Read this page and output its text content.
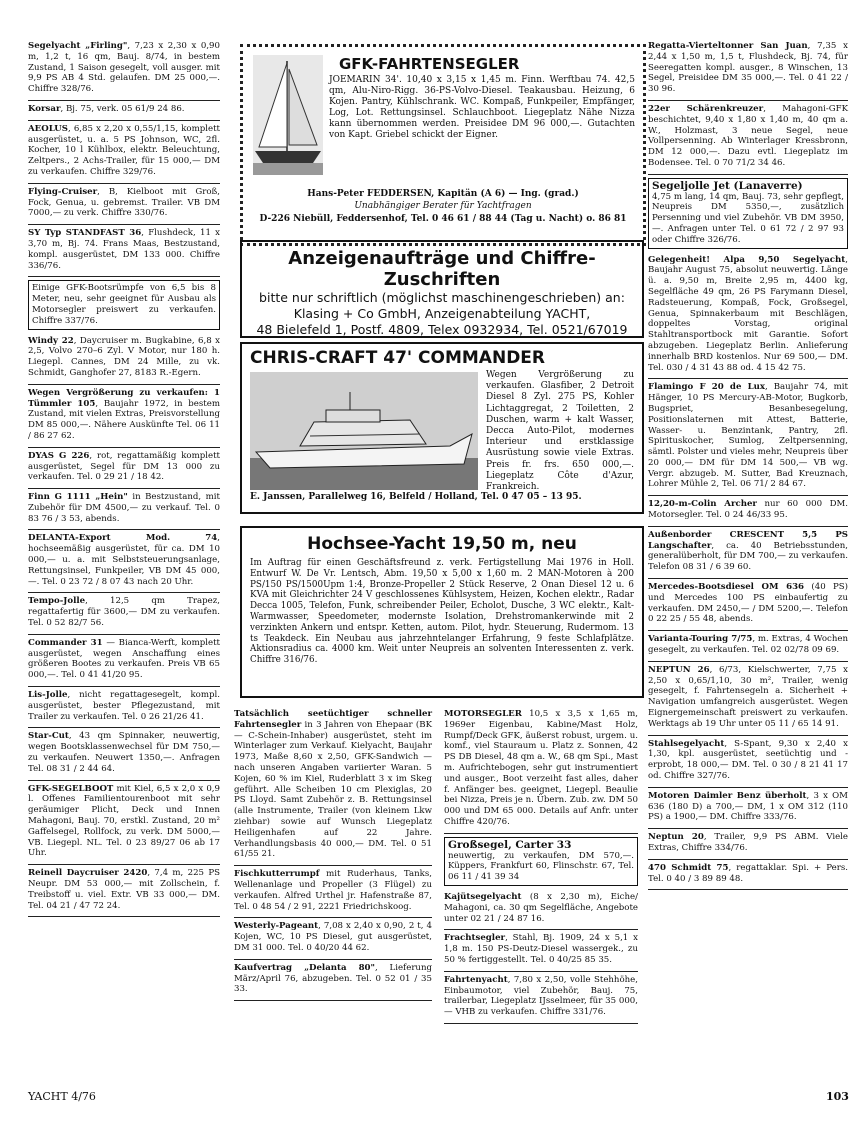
Segelyacht „Firling", 7,23 x 2,30 x 0,90 m, 1,2 t, 16 qm, Bauj. 8/74, in bestem Zustand, 1 Saison gesegelt, voll ausger. mit 9,9 PS AB 4 Std. gelaufen. DM 25 000,—. Chiffre 328/76.
Korsar, Bj. 75, verk. 05 61/9 24 86.
AEOLUS, 6,85 x 2,20 x 0,55/1,15, komplett ausgerüstet, u. a. 5 PS Johnson, WC, 2fl. Kocher, 10 l Kühlbox, elektr. Beleuchtung, Zeltpers., 2 Achs-Trailer, für 15 000,— DM zu verkaufen. Chiffre 329/76.
Flying-Cruiser, B, Kielboot mit Groß, Fock, Genua, u. gebremst. Trailer. VB DM 7000,— zu verk. Chiffre 330/76.
SY Typ STANDFAST 36, Flushdeck, 11 x 3,70 m, Bj. 74. Frans Maas, Bestzustand, kompl. ausgerüstet, DM 133 000. Chiffre 336/76.
Einige GFK-Bootsrümpfe von 6,5 bis 8 Meter, neu, sehr geeignet für Ausbau als Motorsegler preiswert zu verkaufen. Chiffre 337/76.
Windy 22, Daycruiser m. Bugkabine, 6,8 x 2,5, Volvo 270–6 Zyl. V Motor, nur 180 h. Liegepl. Cannes, DM 24 Mille, zu vk. Schmidt, Ganghofer 27, 8183 R.-Egern.
Wegen Vergrößerung zu verkaufen: 1 Tümmler 105, Baujahr 1972, in bestem Zustand, mit vielen Extras, Preisvorstellung DM 85 000,—. Nähere Auskünfte Tel. 06 11 / 86 27 62.
DYAS G 226, rot, regattamäßig komplett ausgerüstet, Segel für DM 13 000 zu verkaufen. Tel. 0 29 21 / 18 42.
Finn G 1111 „Hein" in Bestzustand, mit Zubehör für DM 4500,— zu verkauf. Tel. 0 83 76 / 3 53, abends.
DELANTA-Export Mod. 74, hochseemäßig ausgerüstet, für ca. DM 10 000,— u. a. mit Selbststeuerungsanlage, Rettungsinsel, Funkpeiler, VB DM 45 000,—. Tel. 0 23 72 / 8 07 43 nach 20 Uhr.
Tempo-Jolle, 12,5 qm Trapez, regattafertig für 3600,— DM zu verkaufen. Tel. 0 52 82/7 56.
Commander 31 — Bianca-Werft, komplett ausgerüstet, wegen Anschaffung eines größeren Bootes zu verkaufen. Preis VB 65 000,—. Tel. 0 41 41/20 95.
Lis-Jolle, nicht regattagesegelt, kompl. ausgerüstet, bester Pflegezustand, mit Trailer zu verkaufen. Tel. 0 26 21/26 41.
Star-Cut, 43 qm Spinnaker, neuwertig, wegen Bootsklassenwechsel für DM 750,— zu verkaufen. Neuwert 1350,—. Anfragen Tel. 08 31 / 2 44 64.
GFK-SEGELBOOT mit Kiel, 6,5 x 2,0 x 0,9 l. Offenes Familientourenboot mit sehr geräumiger Plicht, Deck und Innen Mahagoni, Bauj. 70, erstkl. Zustand, 20 m² Gaffelsegel, Rollfock, zu verk. DM 5000,— VB. Liegepl. NL. Tel. 0 23 89/27 06 ab 17 Uhr.
Reinell Daycruiser 2420, 7,4 m, 225 PS Neupr. DM 53 000,— mit Zollschein, f. Treibstoff u. viel. Extr. VB 33 000,— DM. Tel. 04 21 / 47 72 24.
GFK-FAHRTENSEGLER
JOEMARIN 34'. 10,40 x 3,15 x 1,45 m. Finn. Werftbau 74. 42,5 qm, Alu-Niro-Rigg. 36-PS-Volvo-Diesel. Teakausbau. Heizung, 6 Kojen. Pantry, Kühlschrank. WC. Kompaß, Funkpeiler, Empfänger, Log, Lot. Rettungsinsel. Schlauchboot. Liegeplatz Nähe Nizza kann übernommen werden. Preisidee DM 96 000,—. Gutachten von Kapt. Griebel schickt der Eigner.
Hans-Peter FEDDERSEN, Kapitän (A 6) — Ing. (grad.)
Unabhängiger Berater für Yachtfragen
D-226 Niebüll, Feddersenhof, Tel. 0 46 61 / 88 44 (Tag u. Nacht) o. 86 81
Anzeigenaufträge und Chiffre-Zuschriften
bitte nur schriftlich (möglichst maschinengeschrieben) an:
Klasing + Co GmbH, Anzeigenabteilung YACHT,
48 Bielefeld 1, Postf. 4809, Telex 0932934, Tel. 0521/67019
CHRIS-CRAFT 47' COMMANDER
Wegen Vergrößerung zu verkaufen. Glasfiber, 2 Detroit Diesel 8 Zyl. 275 PS, Kohler Lichtaggregat, 2 Toiletten, 2 Duschen, warm + kalt Wasser, Decca Auto-Pilot, modernes Interieur und erstklassige Ausrüstung sowie viele Extras. Preis fr. frs. 650 000,—. Liegeplatz Côte d'Azur, Frankreich.
E. Janssen, Parallelweg 16, Belfeld / Holland, Tel. 0 47 05 – 13 95.
Hochsee-Yacht 19,50 m, neu
Im Auftrag für einen Geschäftsfreund z. verk. Fertigstellung Mai 1976 in Holl. Entwurf W. De Vr. Lentsch, Abm. 19,50 x 5,00 x 1,60 m. 2 MAN-Motoren à 200 PS/150 PS/1500Upm 1:4, Bronze-Propeller 2 Stück Reserve, 2 Onan Diesel 12 u. 6 KVA mit Gleichrichter 24 V geschlossenes Kühlsystem, Heizen, Kochen elektr., Radar Decca 1005, Telefon, Funk, schreibender Peiler, Echolot, Dusche, 3 WC elektr., Kalt-Warmwasser, Speedometer, modernste Isolation, Drehstromankerwinde mit 2 verzinkten Ankern und entspr. Ketten, autom. Pilot, hydr. Steuerung, Rudermom. 13 ts Teakdeck. Ein Neubau aus jahrzehntelanger Erfahrung, 9 feste Schlafplätze. Aktionsradius ca. 4000 km. Weit unter Neupreis an solventen Interessenten z. verk. Chiffre 316/76.
Tatsächlich seetüchtiger schneller Fahrtensegler in 3 Jahren von Ehepaar (BK — C-Schein-Inhaber) ausgerüstet, steht im Winterlager zum Verkauf. Kielyacht, Baujahr 1973, Maße 8,60 x 2,50, GFK-Sandwich — nach unseren Angaben variierter Waran. 5 Kojen, 60 % im Kiel, Ruderblatt 3 x im Skeg geführt. Alle Scheiben 10 cm Plexiglas, 20 PS Lloyd. Samt Zubehör z. B. Rettungsinsel (alle Instrumente, Trailer (von kleinem Lkw ziehbar) sowie auf Wunsch Liegeplatz Heiligenhafen auf 22 Jahre. Verhandlungsbasis 40 000,— DM. Tel. 0 51 61/55 21.
Fischkutterrumpf mit Ruderhaus, Tanks, Wellenanlage und Propeller (3 Flügel) zu verkaufen. Alfred Urthel jr. Hafenstraße 87, Tel. 0 48 54 / 2 91, 2221 Friedrichskoog.
Westerly-Pageant, 7,08 x 2,40 x 0,90, 2 t, 4 Kojen, WC, 10 PS Diesel, gut ausgerüstet, DM 31 000. Tel. 0 40/20 44 62.
Kaufvertrag „Delanta 80", Lieferung März/April 76, abzugeben. Tel. 0 52 01 / 35 33.
MOTORSEGLER 10,5 x 3,5 x 1,65 m, 1969er Eigenbau, Kabine/Mast Holz, Rumpf/Deck GFK, äußerst robust, urgem. u. komf., viel Stauraum u. Platz z. Sonnen, 42 PS DB Diesel, 48 qm a. W., 68 qm Spi., Mast m. Aufrichtebogen, sehr gut instrumentiert und ausger., Boot verzeiht fast alles, daher f. Anfänger bes. geeignet, Liegepl. Beaulie bei Nizza, Preis je n. Übern. Zub. zw. DM 50 000 und DM 65 000. Details auf Anfr. unter Chiffre 420/76.
Großsegel, Carter 33
neuwertig, zu verkaufen, DM 570,—. Küppers, Frankfurt 60, Flinschstr. 67, Tel. 06 11 / 41 39 34
Kajütsegelyacht (8 x 2,30 m), Eiche/ Mahagoni, ca. 30 qm Segelfläche, Angebote unter 02 21 / 24 87 16.
Frachtsegler, Stahl, Bj. 1909, 24 x 5,1 x 1,8 m. 150 PS-Deutz-Diesel wassergek., zu 50 % fertiggestellt. Tel. 0 40/25 85 35.
Fahrtenyacht, 7,80 x 2,50, volle Stehhöhe, Einbaumotor, viel Zubehör, Bauj. 75, trailerbar, Liegeplatz IJsselmeer, für 35 000,— VHB zu verkaufen. Chiffre 331/76.
Regatta-Vierteltonner San Juan, 7,35 x 2,44 x 1,50 m, 1,5 t, Flushdeck, Bj. 74, für Seeregatten kompl. ausger., 8 Winschen, 13 Segel, Preisidee DM 35 000,—. Tel. 0 41 22 / 30 96.
22er Schärenkreuzer, Mahagoni-GFK beschichtet, 9,40 x 1,80 x 1,40 m, 40 qm a. W., Holzmast, 3 neue Segel, neue Vollpersenning. Ab Winterlager Kressbronn, DM 12 000,—. Dazu evtl. Liegeplatz im Bodensee. Tel. 0 70 71/2 34 46.
Segeljolle Jet (Lanaverre)
4,75 m lang, 14 qm, Bauj. 73, sehr gepflegt, Neupreis DM 5350,—, zusätzlich Persenning und viel Zubehör. VB DM 3950,—. Anfragen unter Tel. 0 61 72 / 2 97 93 oder Chiffre 326/76.
Gelegenheit! Alpa 9,50 Segelyacht, Baujahr August 75, absolut neuwertig. Länge ü. a. 9,50 m, Breite 2,95 m, 4400 kg, Segelfläche 49 qm, 26 PS Farymann Diesel, Radsteuerung, Kompaß, Fock, Großsegel, Genua, Spinnakerbaum mit Beschlägen, doppeltes Vorstag, original Stahltransportbock mit Garantie. Sofort abzugeben. Liegeplatz Berlin. Anlieferung innerhalb BRD kostenlos. Nur 69 500,— DM. Tel. 030 / 4 31 43 88 od. 4 15 42 75.
Flamingo F 20 de Lux, Baujahr 74, mit Hänger, 10 PS Mercury-AB-Motor, Bugkorb, Bugspriet, Besanbesegelung, Positionslaternen mit Attest, Batterie, Wasser- u. Benzintank, Pantry, 2fl. Spirituskocher, Sumlog, Zeltpersenning, sämtl. Polster und vieles mehr, Neupreis über 20 000,— DM für DM 14 500,— VB wg. Vergr. abzugeb. M. Sutter, Bad Kreuznach, Lohrer Mühle 2, Tel. 06 71/ 2 84 67.
12,20-m-Colin Archer nur 60 000 DM. Motorsegler. Tel. 0 24 46/33 95.
Außenborder CRESCENT 5,5 PS Langschafter, ca. 40 Betriebsstunden, generalüberholt, für DM 700,— zu verkaufen. Telefon 08 31 / 6 39 60.
Mercedes-Bootsdiesel OM 636 (40 PS) und Mercedes 100 PS einbaufertig zu verkaufen. DM 2450,— / DM 5200,—. Telefon 0 22 25 / 55 48, abends.
Varianta-Touring 7/75, m. Extras, 4 Wochen gesegelt, zu verkaufen. Tel. 02 02/78 09 69.
NEPTUN 26, 6/73, Kielschwerter, 7,75 x 2,50 x 0,65/1,10, 30 m², Trailer, wenig gesegelt, f. Fahrtensegeln a. Sicherheit + Navigation umfangreich ausgerüstet. Wegen Eignergemeinschaft preiswert zu verkaufen. Werktags ab 19 Uhr unter 05 11 / 65 14 91.
Stahlsegelyacht, S-Spant, 9,30 x 2,40 x 1,30, kpl. ausgerüstet, seetüchtig und -erprobt, 18 000,— DM. Tel. 0 30 / 8 21 41 17 od. Chiffre 327/76.
Motoren Daimler Benz überholt, 3 x OM 636 (180 D) a 700,— DM, 1 x OM 312 (110 PS) a 1900,— DM. Chiffre 333/76.
Neptun 20, Trailer, 9,9 PS ABM. Viele Extras, Chiffre 334/76.
470 Schmidt 75, regattaklar. Spi. + Pers. Tel. 0 40 / 3 89 89 48.
YACHT 4/76	103
